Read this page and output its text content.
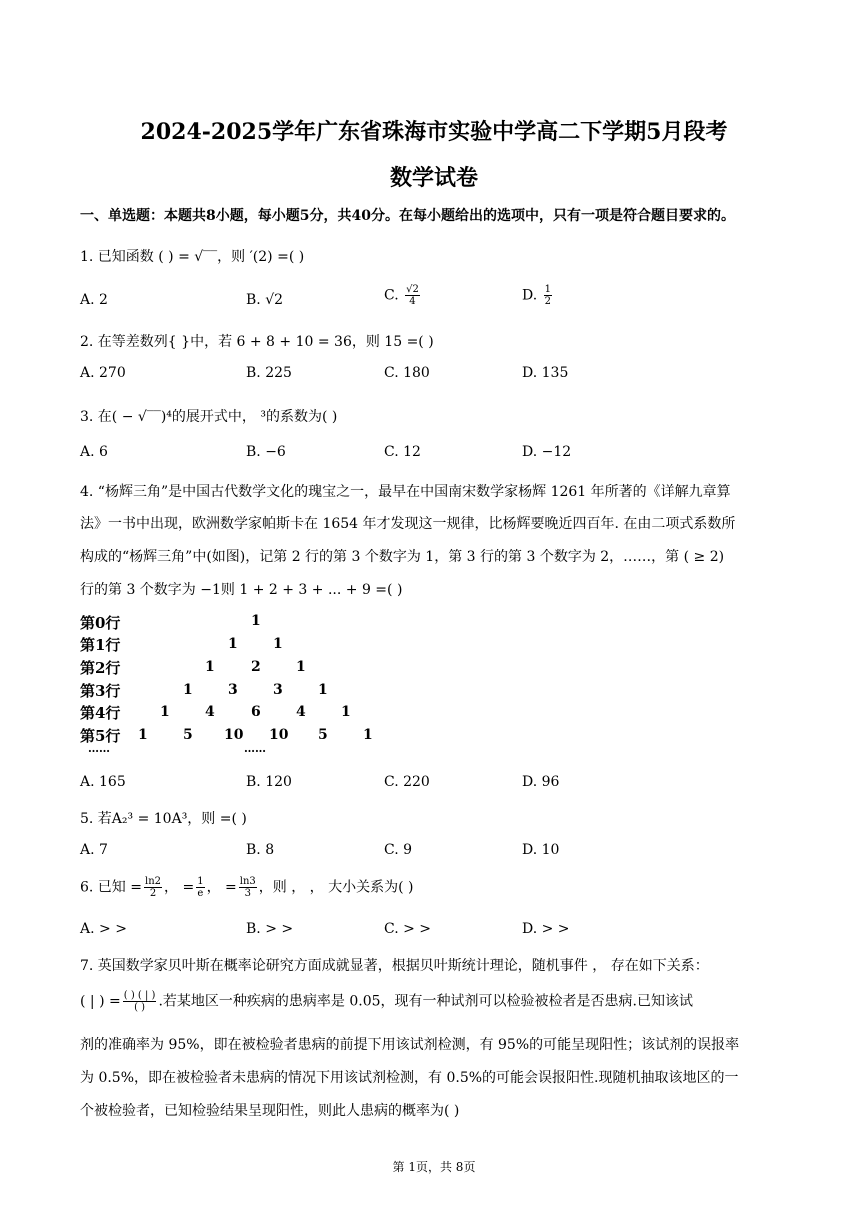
2024-2025学年广东省珠海市实验中学高二下学期5月段考
数学试卷
一、单选题：本题共8小题，每小题5分，共40分。在每小题给出的选项中，只有一项是符合题目要求的。
1. 已知函数 ( ) = √‾‾，则 ′(2) =( )
A. 2	B. √2	C. $\frac{√2}{4}$	D. $\frac{1}{2}$
2. 在等差数列{ }中，若 6 + 8 + 10 = 36，则 15 =( )
A. 270	B. 225	C. 180	D. 135
3. 在( − √‾‾)⁴的展开式中， ³的系数为( )
A. 6	B. −6	C. 12	D. −12
4. “杨辉三角”是中国古代数学文化的瑰宝之一，最早在中国南宋数学家杨辉 1261 年所著的《详解九章算
法》一书中出现，欧洲数学家帕斯卡在 1654 年才发现这一规律，比杨辉要晚近四百年. 在由二项式系数所
构成的“杨辉三角”中(如图)，记第 2 行的第 3 个数字为 1，第 3 行的第 3 个数字为 2，……，第 ( ≥ 2)
行的第 3 个数字为 −1则 1 + 2 + 3 + ... + 9 =( )
第0行
第1行
第2行
第3行
第4行
第5行
1
1	1
1	2	1
1	3	3	1
1	4	6	4	1
1	5 10 10 5	1
……	……
A. 165	B. 120	C. 220	D. 96
5. 若A₂³ = 10A³，则 =( )
A. 7	B. 8	C. 9	D. 10
6. 已知 = $\frac{\ln 2}{2}$ ， = $\frac{1}{e}$ ， = $\frac{\ln 3}{3}$ ，则 ， ， 大小关系为( )
A. > >	B. > >	C. > >	D. > >
7. 英国数学家贝叶斯在概率论研究方面成就显著，根据贝叶斯统计理论，随机事件 ， 存在如下关系：
( | ) = $\frac{( ) ( | )}{( )}$ .若某地区一种疾病的患病率是 0.05，现有一种试剂可以检验被检者是否患病.已知该试
剂的准确率为 95%，即在被检验者患病的前提下用该试剂检测，有 95%的可能呈现阳性；该试剂的误报率
为 0.5%，即在被检验者未患病的情况下用该试剂检测，有 0.5%的可能会误报阳性.现随机抽取该地区的一
个被检验者，已知检验结果呈现阳性，则此人患病的概率为( )
第 1页，共 8页
